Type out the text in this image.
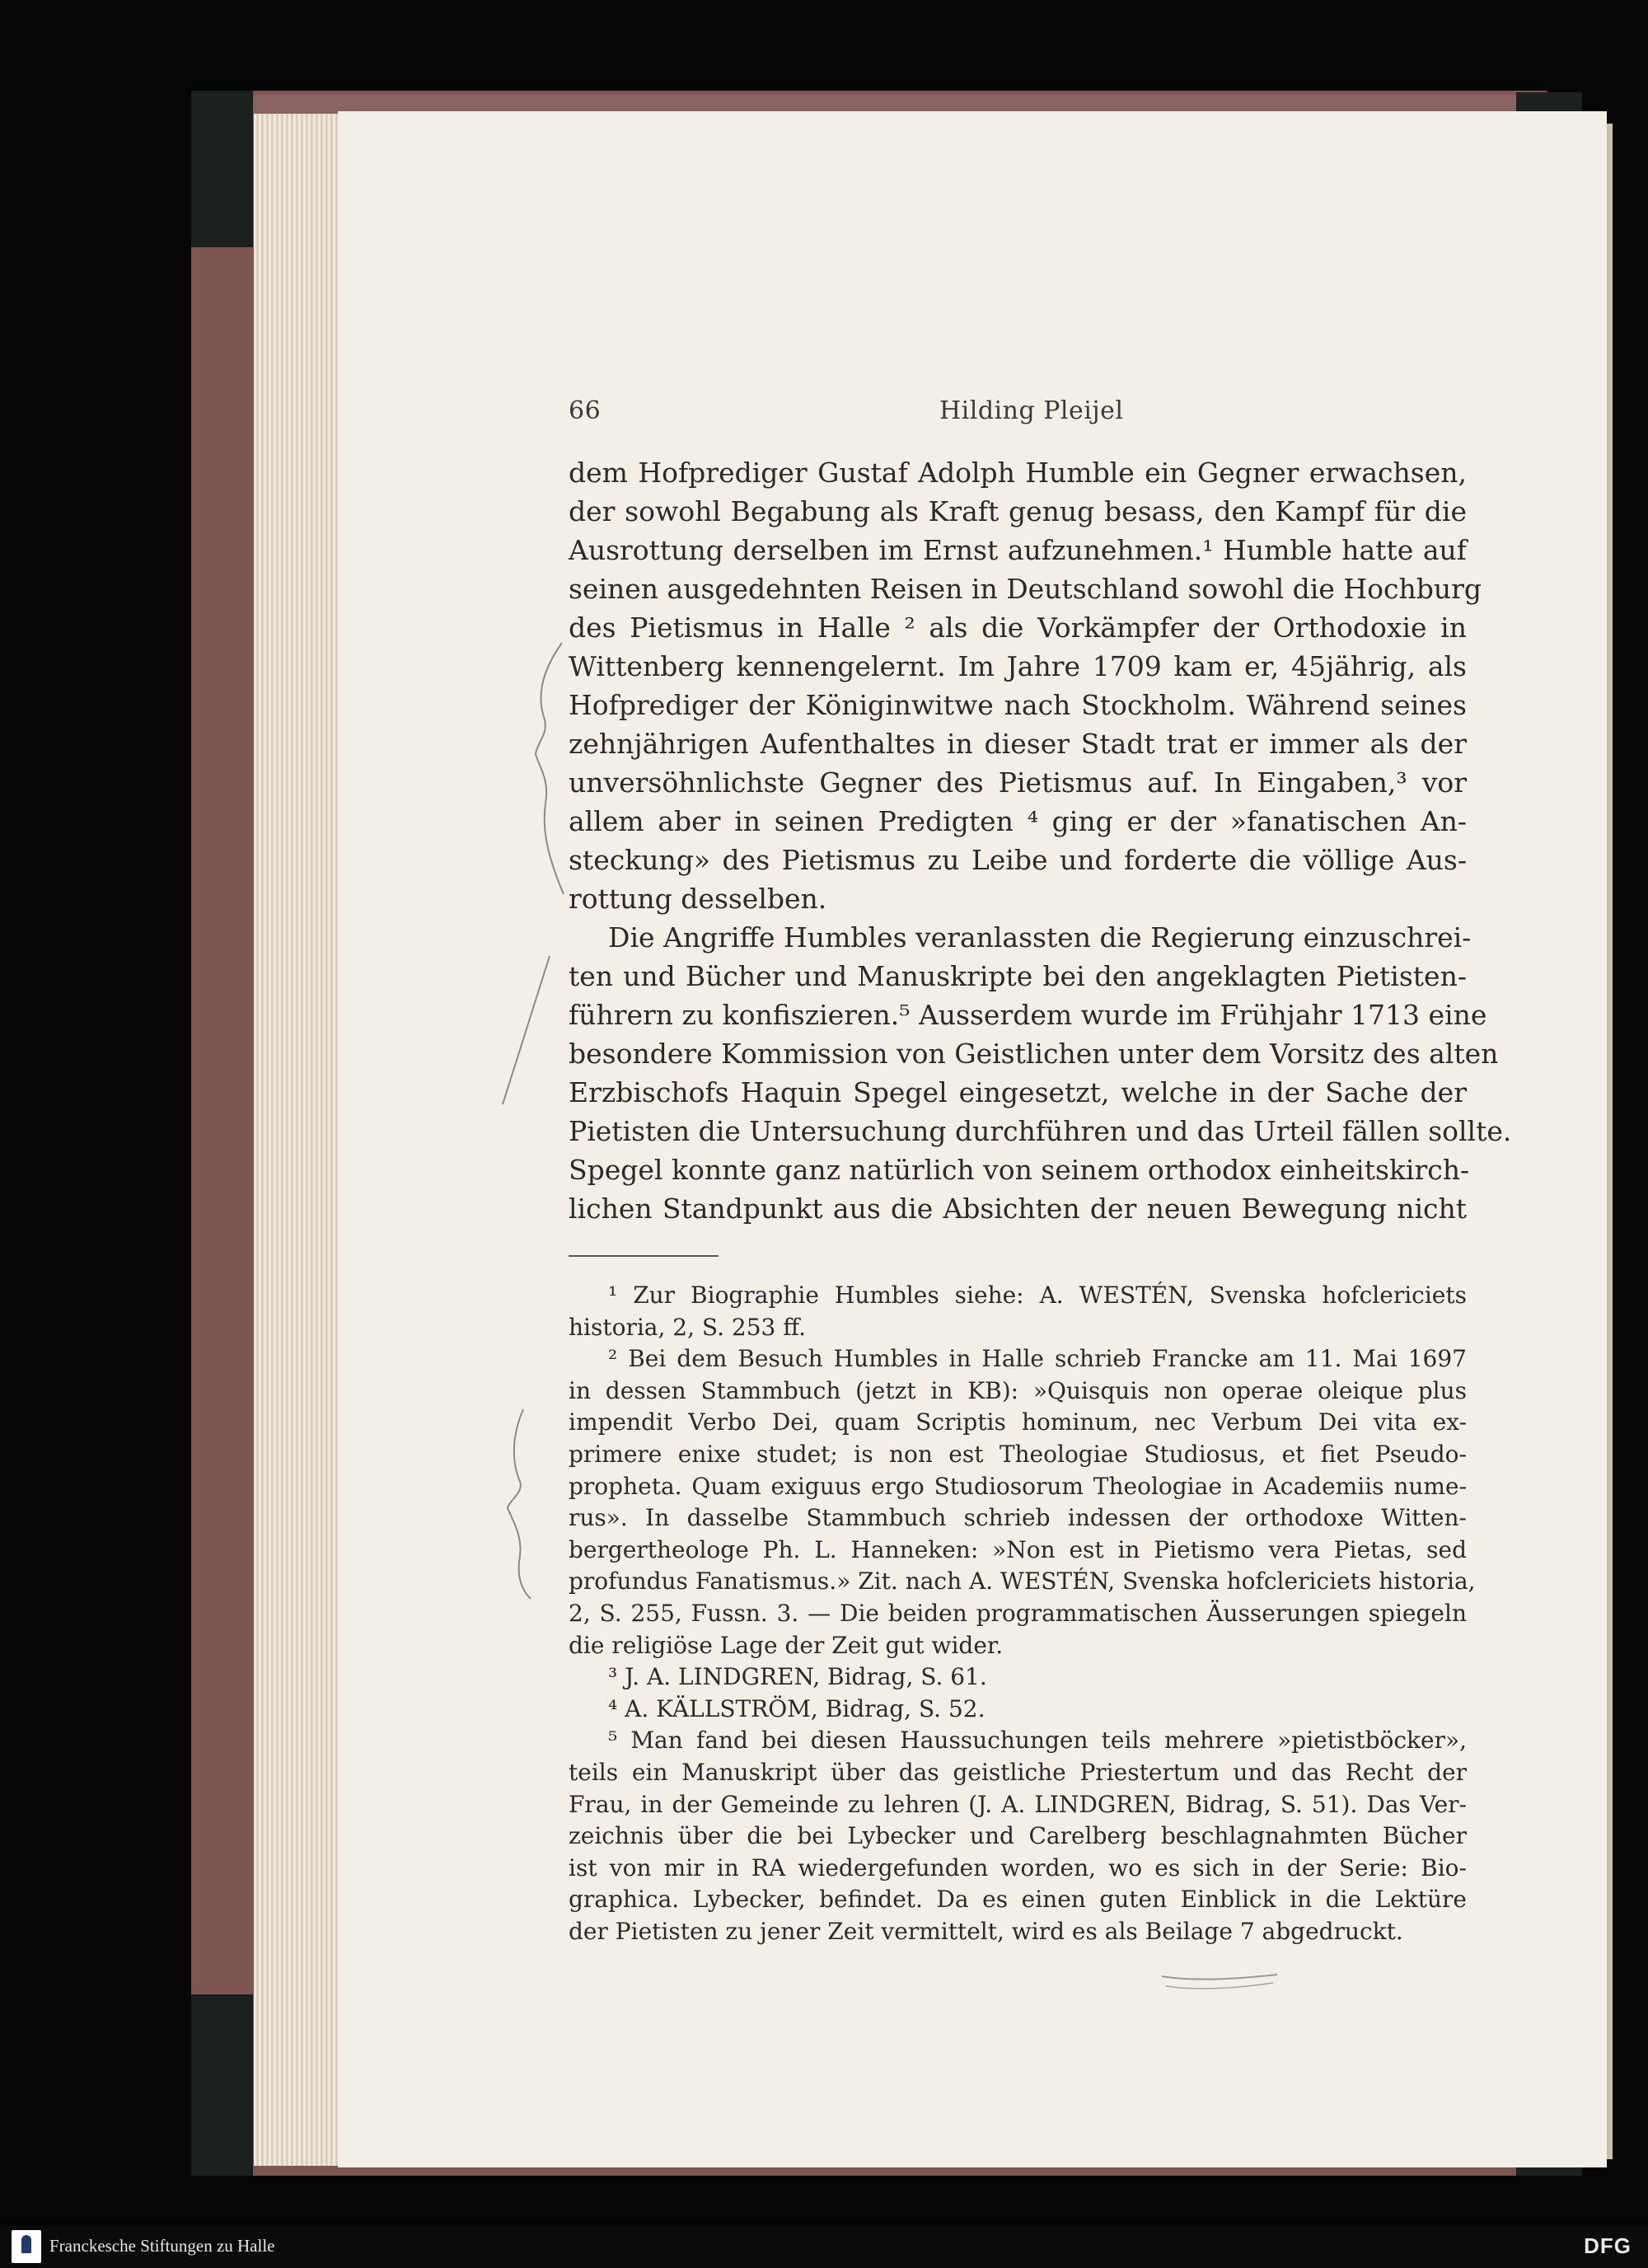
66	Hilding Pleijel
dem Hofprediger Gustaf Adolph Humble ein Gegner erwachsen,
der sowohl Begabung als Kraft genug besass, den Kampf für die
Ausrottung derselben im Ernst aufzunehmen.¹ Humble hatte auf
seinen ausgedehnten Reisen in Deutschland sowohl die Hochburg
des Pietismus in Halle ² als die Vorkämpfer der Orthodoxie in
Wittenberg kennengelernt. Im Jahre 1709 kam er, 45jährig, als
Hofprediger der Königinwitwe nach Stockholm. Während seines
zehnjährigen Aufenthaltes in dieser Stadt trat er immer als der
unversöhnlichste Gegner des Pietismus auf. In Eingaben,³ vor
allem aber in seinen Predigten ⁴ ging er der »fanatischen An-
steckung» des Pietismus zu Leibe und forderte die völlige Aus-
rottung desselben.
Die Angriffe Humbles veranlassten die Regierung einzuschrei-
ten und Bücher und Manuskripte bei den angeklagten Pietisten-
führern zu konfiszieren.⁵ Ausserdem wurde im Frühjahr 1713 eine
besondere Kommission von Geistlichen unter dem Vorsitz des alten
Erzbischofs Haquin Spegel eingesetzt, welche in der Sache der
Pietisten die Untersuchung durchführen und das Urteil fällen sollte.
Spegel konnte ganz natürlich von seinem orthodox einheitskirch-
lichen Standpunkt aus die Absichten der neuen Bewegung nicht
¹ Zur Biographie Humbles siehe: A. WESTÉN, Svenska hofclericiets
historia, 2, S. 253 ff.
² Bei dem Besuch Humbles in Halle schrieb Francke am 11. Mai 1697
in dessen Stammbuch (jetzt in KB): »Quisquis non operae oleique plus
impendit Verbo Dei, quam Scriptis hominum, nec Verbum Dei vita ex-
primere enixe studet; is non est Theologiae Studiosus, et fiet Pseudo-
propheta. Quam exiguus ergo Studiosorum Theologiae in Academiis nume-
rus». In dasselbe Stammbuch schrieb indessen der orthodoxe Witten-
bergertheologe Ph. L. Hanneken: »Non est in Pietismo vera Pietas, sed
profundus Fanatismus.» Zit. nach A. WESTÉN, Svenska hofclericiets historia,
2, S. 255, Fussn. 3. — Die beiden programmatischen Äusserungen spiegeln
die religiöse Lage der Zeit gut wider.
³ J. A. LINDGREN, Bidrag, S. 61.
⁴ A. KÄLLSTRÖM, Bidrag, S. 52.
⁵ Man fand bei diesen Haussuchungen teils mehrere »pietistböcker»,
teils ein Manuskript über das geistliche Priestertum und das Recht der
Frau, in der Gemeinde zu lehren (J. A. LINDGREN, Bidrag, S. 51). Das Ver-
zeichnis über die bei Lybecker und Carelberg beschlagnahmten Bücher
ist von mir in RA wiedergefunden worden, wo es sich in der Serie: Bio-
graphica. Lybecker, befindet. Da es einen guten Einblick in die Lektüre
der Pietisten zu jener Zeit vermittelt, wird es als Beilage 7 abgedruckt.
Franckesche Stiftungen zu Halle	DFG
